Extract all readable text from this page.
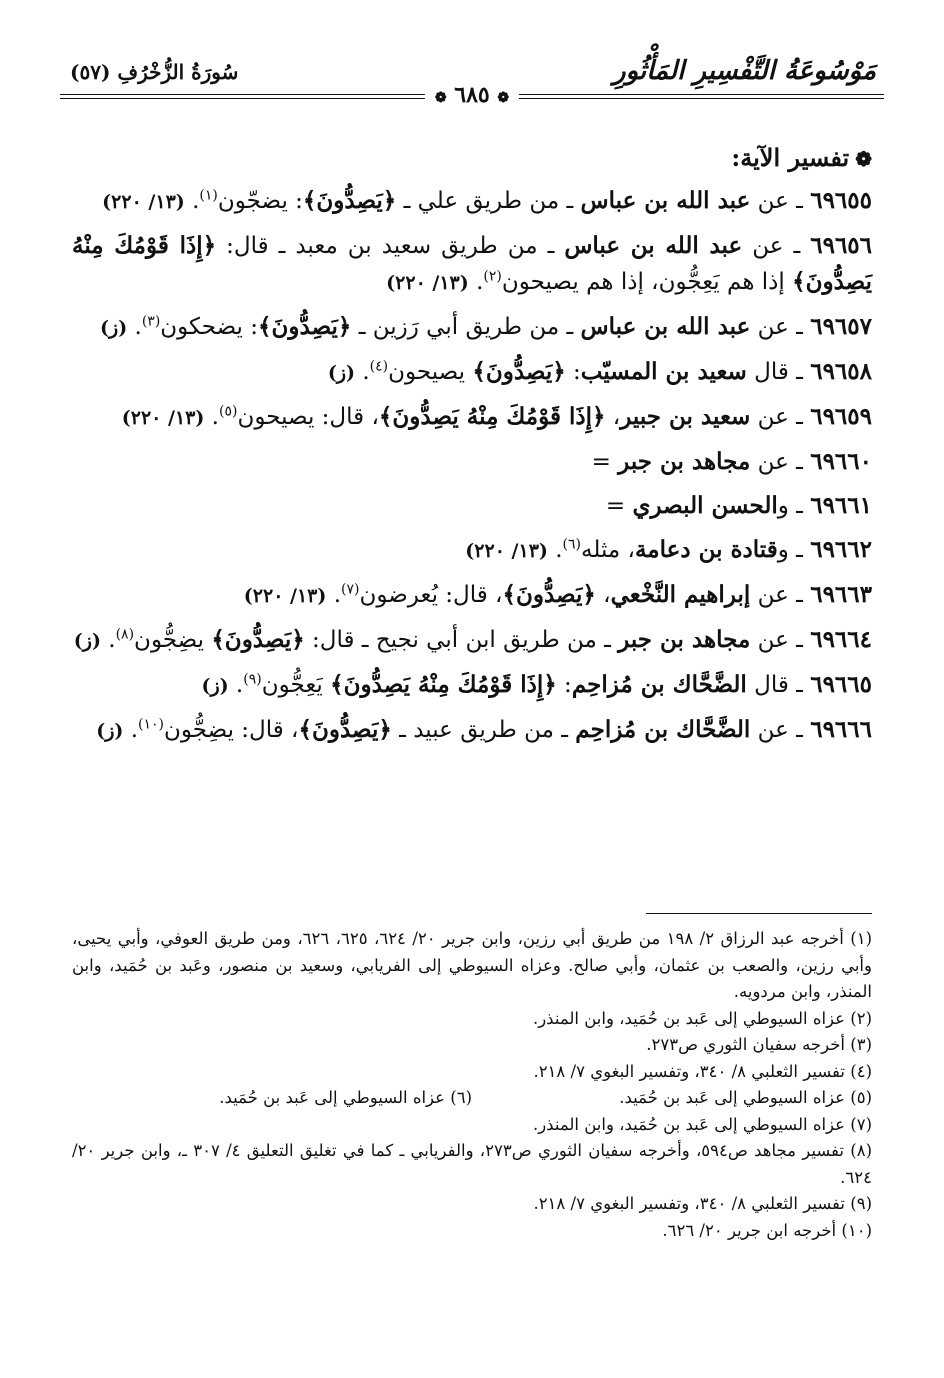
مَوْسُوعَةُ التَّفْسِيرِ المَأْثُورِ
سُورَةُ الزُّخْرُفِ (٥٧)
❁ ٦٨٥ ❁

❁تفسير الآية:

٦٩٦٥٥ ـ عن عبد الله بن عباس ـ من طريق علي ـ ﴿يَصِدُّونَ﴾: يضجّون$^{(١)}$. (١٣/ ٢٢٠)

٦٩٦٥٦ ـ عن عبد الله بن عباس ـ من طريق سعيد بن معبد ـ قال: ﴿إِذَا قَوْمُكَ مِنْهُ يَصِدُّونَ﴾ إذا هم يَعِجُّون، إذا هم يصيحون$^{(٢)}$. (١٣/ ٢٢٠)

٦٩٦٥٧ ـ عن عبد الله بن عباس ـ من طريق أبي رَزين ـ ﴿يَصِدُّونَ﴾: يضحكون$^{(٣)}$. (ز)

٦٩٦٥٨ ـ قال سعيد بن المسيّب: ﴿يَصِدُّونَ﴾ يصيحون$^{(٤)}$. (ز)

٦٩٦٥٩ ـ عن سعيد بن جبير، ﴿إِذَا قَوْمُكَ مِنْهُ يَصِدُّونَ﴾، قال: يصيحون$^{(٥)}$. (١٣/ ٢٢٠)

٦٩٦٦٠ ـ عن مجاهد بن جبر =

٦٩٦٦١ ـ والحسن البصري =

٦٩٦٦٢ ـ وقتادة بن دعامة، مثله$^{(٦)}$. (١٣/ ٢٢٠)

٦٩٦٦٣ ـ عن إبراهيم النَّخْعي، ﴿يَصِدُّونَ﴾، قال: يُعرضون$^{(٧)}$. (١٣/ ٢٢٠)

٦٩٦٦٤ ـ عن مجاهد بن جبر ـ من طريق ابن أبي نجيح ـ قال: ﴿يَصِدُّونَ﴾ يضِجُّون$^{(٨)}$. (ز)

٦٩٦٦٥ ـ قال الضَّحَّاك بن مُزاحِم: ﴿إِذَا قَوْمُكَ مِنْهُ يَصِدُّونَ﴾ يَعِجُّون$^{(٩)}$. (ز)

٦٩٦٦٦ ـ عن الضَّحَّاك بن مُزاحِم ـ من طريق عبيد ـ ﴿يَصِدُّونَ﴾، قال: يضِجُّون$^{(١٠)}$. (ز)

(١) أخرجه عبد الرزاق ٢/ ١٩٨ من طريق أبي رزين، وابن جرير ٢٠/ ٦٢٤، ٦٢٥، ٦٢٦، ومن طريق العوفي، وأبي يحيى، وأبي رزين، والصعب بن عثمان، وأبي صالح. وعزاه السيوطي إلى الفريابي، وسعيد بن منصور، وعَبد بن حُمَيد، وابن المنذر، وابن مردويه.

(٢) عزاه السيوطي إلى عَبد بن حُمَيد، وابن المنذر.

(٣) أخرجه سفيان الثوري ص٢٧٣.

(٤) تفسير الثعلبي ٨/ ٣٤٠، وتفسير البغوي ٧/ ٢١٨.

(٥) عزاه السيوطي إلى عَبد بن حُمَيد.

(٦) عزاه السيوطي إلى عَبد بن حُمَيد.

(٧) عزاه السيوطي إلى عَبد بن حُمَيد، وابن المنذر.

(٨) تفسير مجاهد ص٥٩٤، وأخرجه سفيان الثوري ص٢٧٣، والفريابي ـ كما في تغليق التعليق ٤/ ٣٠٧ ـ، وابن جرير ٢٠/ ٦٢٤.

(٩) تفسير الثعلبي ٨/ ٣٤٠، وتفسير البغوي ٧/ ٢١٨.

(١٠) أخرجه ابن جرير ٢٠/ ٦٢٦.
